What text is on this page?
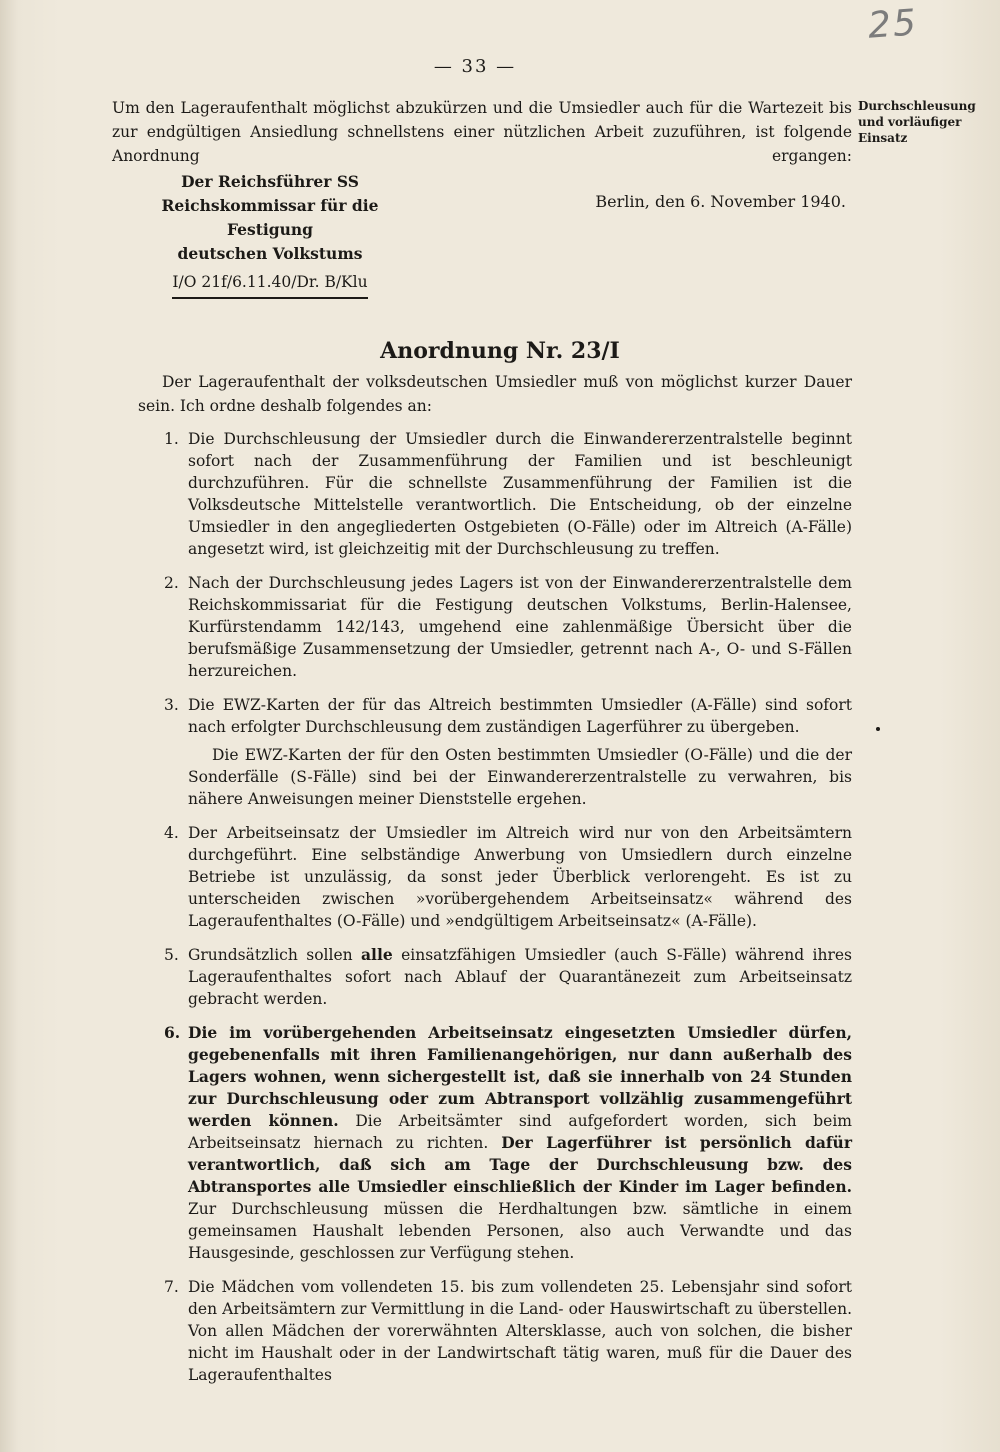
25
— 33 —
Um den Lageraufenthalt möglichst abzukürzen und die Umsiedler auch für die Wartezeit bis zur endgültigen Ansiedlung schnellstens einer nützlichen Arbeit zuzuführen, ist folgende Anordnung ergangen:
Durchschleusung und vorläufiger Einsatz
Der Reichsführer SS
Reichskommissar für die Festigung
deutschen Volkstums
I/O 21f/6.11.40/Dr. B/Klu
Berlin, den 6. November 1940.
Anordnung Nr. 23/I
Der Lageraufenthalt der volksdeutschen Umsiedler muß von möglichst kurzer Dauer sein. Ich ordne deshalb folgendes an:
1. Die Durchschleusung der Umsiedler durch die Einwandererzentralstelle beginnt sofort nach der Zusammenführung der Familien und ist beschleunigt durchzuführen. Für die schnellste Zusammenführung der Familien ist die Volksdeutsche Mittelstelle verantwortlich. Die Entscheidung, ob der einzelne Umsiedler in den angegliederten Ostgebieten (O-Fälle) oder im Altreich (A-Fälle) angesetzt wird, ist gleichzeitig mit der Durchschleusung zu treffen.
2. Nach der Durchschleusung jedes Lagers ist von der Einwandererzentralstelle dem Reichskommissariat für die Festigung deutschen Volkstums, Berlin-Halensee, Kurfürstendamm 142/143, umgehend eine zahlenmäßige Übersicht über die berufsmäßige Zusammensetzung der Umsiedler, getrennt nach A-, O- und S-Fällen herzureichen.
3. Die EWZ-Karten der für das Altreich bestimmten Umsiedler (A-Fälle) sind sofort nach erfolgter Durchschleusung dem zuständigen Lagerführer zu übergeben.
Die EWZ-Karten der für den Osten bestimmten Umsiedler (O-Fälle) und die der Sonderfälle (S-Fälle) sind bei der Einwandererzentralstelle zu verwahren, bis nähere Anweisungen meiner Dienststelle ergehen.
4. Der Arbeitseinsatz der Umsiedler im Altreich wird nur von den Arbeitsämtern durchgeführt. Eine selbständige Anwerbung von Umsiedlern durch einzelne Betriebe ist unzulässig, da sonst jeder Überblick verlorengeht. Es ist zu unterscheiden zwischen »vorübergehendem Arbeitseinsatz« während des Lageraufenthaltes (O-Fälle) und »endgültigem Arbeitseinsatz« (A-Fälle).
5. Grundsätzlich sollen alle einsatzfähigen Umsiedler (auch S-Fälle) während ihres Lageraufenthaltes sofort nach Ablauf der Quarantänezeit zum Arbeitseinsatz gebracht werden.
6. Die im vorübergehenden Arbeitseinsatz eingesetzten Umsiedler dürfen, gegebenenfalls mit ihren Familienangehörigen, nur dann außerhalb des Lagers wohnen, wenn sichergestellt ist, daß sie innerhalb von 24 Stunden zur Durchschleusung oder zum Abtransport vollzählig zusammengeführt werden können. Die Arbeitsämter sind aufgefordert worden, sich beim Arbeitseinsatz hiernach zu richten. Der Lagerführer ist persönlich dafür verantwortlich, daß sich am Tage der Durchschleusung bzw. des Abtransportes alle Umsiedler einschließlich der Kinder im Lager befinden. Zur Durchschleusung müssen die Herdhaltungen bzw. sämtliche in einem gemeinsamen Haushalt lebenden Personen, also auch Verwandte und das Hausgesinde, geschlossen zur Verfügung stehen.
7. Die Mädchen vom vollendeten 15. bis zum vollendeten 25. Lebensjahr sind sofort den Arbeitsämtern zur Vermittlung in die Land- oder Hauswirtschaft zu überstellen. Von allen Mädchen der vorerwähnten Altersklasse, auch von solchen, die bisher nicht im Haushalt oder in der Landwirtschaft tätig waren, muß für die Dauer des Lageraufenthaltes
